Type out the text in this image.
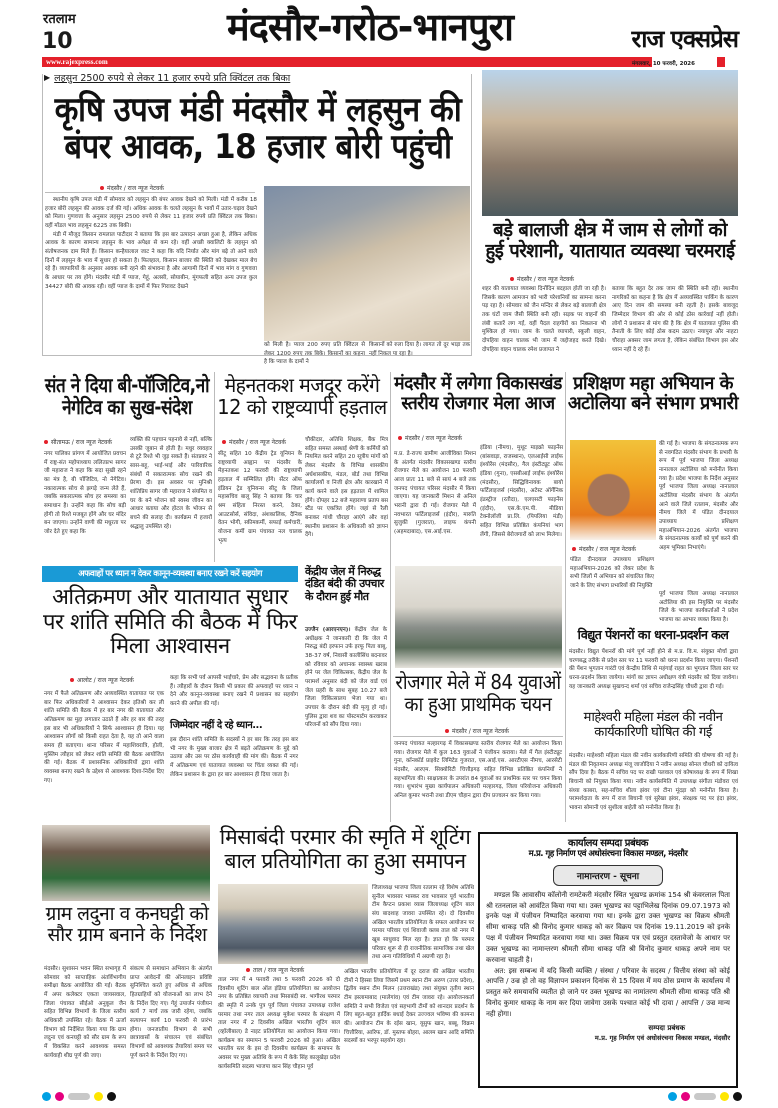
रतलाम
10	मंदसौर-गरोठ-भानपुरा	राज एक्सप्रेस
www.rajexpress.com	मंगलवार, 10 फरवरी, 2026
▶ लहसुन 2500 रुपये से लेकर 11 हजार रुपये प्रति क्विंटल तक बिका
कृषि उपज मंडी मंदसौर में लहसुन की बंपर आवक, 18 हजार बोरी पहुंची
मंदसौर / राज न्यूज नेटवर्क

स्थानीय कृषि उपज मंडी में सोमवार को लहसुन की बंपर आवक देखने को मिली। मंडी में करीब 18 हजार बोरी लहसुन की आवक दर्ज की गई। अधिक आवक के चलते लहसुन के भावों में उतार-चढ़ाव देखने को मिला। गुणवत्ता के अनुसार लहसुन 2500 रुपये से लेकर 11 हजार रुपये प्रति क्विंटल तक बिका। वहीं मॉडल भाव लहसुन 6225 तक बिकी।

मंडी में मौजूद किसान रामलाल पाटीदार ने बताया कि इस बार उत्पादन अच्छा हुआ है, लेकिन अधिक आवक के कारण सामान्य लहसुन के भाव अपेक्षा से कम रहे। वहीं अच्छी क्वालिटी के लहसुन को संतोषजनक दाम मिले हैं। किसान कन्हैयालाल जाट ने कहा कि यदि निर्यात और मांग बढ़े तो आने वाले दिनों में लहसुन के भाव में सुधार हो सकता है। फिलहाल, किसान बाजार की स्थिति को देखकर माल बेच रहे हैं। व्यापारियों के अनुसार आवक बनी रहने की संभावना है और आगामी दिनों में भाव मांग व गुणवत्ता के आधार पर तय होंगे। मंदसौर मंडी में प्याज, गेहूं, अलसी, सोयाबीन, मूंगफली सहित अन्य उपज कुल 34427 बोरी की आवक रही। वहीं प्याज के दामों में फिर गिरावट देखने

को मिली है। प्याज 200 रुपए प्रति क्विंटल से लेकर 1200 रुपए तक बिके। किसानों का कहना है कि प्याज के दामों ने
किसानों को रुला दिया है। लागत तो दूर भाड़ा तक नहीं निकल पा रहा है।
बड़े बालाजी क्षेत्र में जाम से लोगों को हुई परेशानी, यातायात व्यवस्था चरमराई
मंदसौर / राज न्यूज नेटवर्क
शहर की यातायात व्यवस्था दिनोंदिन बदहाल होती जा रही है। जिसके कारण आमजन को भारी परेशानियों का सामना करना पड़ रहा है। सोमवार को जैन मन्दिर से लेकर बड़े बालाजी क्षेत्र तक घंटों जाम जैसी स्थिति बनी रही। सड़क पर वाहनों की लंबी कतारें लग गईं, वहीं पैदल राहगीरों का निकलना भी मुश्किल हो गया। जाम के चलते व्यापारी, स्कूली वाहन, दोपहिया वाहन चालक भी जाम में जद्दोजहद करते दिखे। दोपहिया वाहन चालक रमेश प्रजापत ने
बताया कि बहुत देर तक जाम की स्थिति बनी रही। स्थानीय नागरिकों का कहना है कि क्षेत्र में अव्यवस्थित पार्किंग के कारण आए दिन जाम की समस्या बनी रहती है। इसके बावजूद जिम्मेदार विभाग की ओर से कोई ठोस कार्रवाई नहीं होती। लोगों ने प्रशासन से मांग की है कि क्षेत्र में यातायात पुलिस की तैनाती के लिए कोई ठोस कदम उठाए। नयापुरा और नाहटा चौराहा अक्सर जाम लगता है, लेकिन संबंधित विभाग इस ओर ध्यान नहीं दे रहे हैं।
संत ने दिया बी-पॉजिटिव,नो नेगेटिव का सुख-संदेश
सीतामऊ / राज न्यूज नेटवर्क
नगर पालिका प्रांगण में आयोजित प्रवचन में राष्ट्र-संत महोपाध्याय ललितप्रभ सागर जी महाराज ने कहा कि सदा सुखी रहने का मंत्र है, बी पॉजिटिव, नो नेगेटिव। नकारात्मक सोच से झगड़े जन्म लेते हैं, जबकि सकारात्मक सोच हर समस्या का समाधान है। उन्होंने कहा कि सोच बड़ी होगी तो रिश्ते मजबूत होंगे और घर मंदिर बन जाएगा। उन्होंने वाणी की मधुरता पर जोर देते हुए कहा कि
व्यक्ति की पहचान पहनावे से नहीं, बल्कि उसकी जुबान से होती है। मधुर व्यवहार से टूटे रिश्ते भी जुड़ सकते हैं। संतप्रवर ने सास-बहू, भाई-भाई और पारिवारिक संबंधों में सकारात्मक सोच रखने की प्रेरणा दी। इस अवसर पर मुनिश्री शांतिप्रिय सागर जी महाराज ने संयमित व घर के बने भोजन को स्वस्थ जीवन का आधार बताया और होटल के भोजन से बचने की सलाह दी। कार्यक्रम में हजारों श्रद्धालु उपस्थित रहे।
मेहनतकश मजदूर करेंगे 12 को राष्ट्रव्यापी हड़ताल
मंदसौर / राज न्यूज नेटवर्क
सीटू सहित 10 केंद्रीय ट्रेड यूनियन के राष्ट्रव्यापी आह्वान पर मंदसौर के मेहनतकश 12 फरवरी की राष्ट्रव्यापी हड़ताल में सम्मिलित होंगे। सेंटर ऑफ इंडियन ट्रेड यूनियन्स सीटू के जिला महासचिव बालू सिंह ने बताया कि चार श्रम संहिता निरस्त करने, ठेका, आउटसोर्स, संविदा, अंशकालिक, दैनिक वेतन भोगी, स्कीमकर्मी, सफाई कर्मचारी, योजना कर्मी ग्राम पंचायत नल चालक भृत्य
चौकीदार, अतिथि शिक्षक, बैंक मित्र सहित समस्त अस्थाई श्रेणी के कर्मियों को नियमित करने सहित 20 सूत्रीय मांगों को लेकर मंदसौर के विभिन्न शासकीय अर्धशासकीय, मंडल, बोर्ड तथा विभिन्न कार्यालयों व निजी क्षेत्र और कारखाने में कार्य करने वाले इस हड़ताल में शामिल होंगे। दोपहर 12 बजे महाराणा प्रताप बस स्टैंड पर एकत्रित होंगे। जहां से रैली बनाकर गांधी चौराहा आएंगे और वहां स्थानीय प्रशासन के अधिकारी को ज्ञापन देंगे।
मंदसौर में लगेगा विकासखंड स्तरीय रोजगार मेला आज
मंदसौर / राज न्यूज नेटवर्क
म.प्र. डे-राज्य ग्रामीण आजीविका मिशन के अंतर्गत मंदसौर विकासखण्ड स्तरीय रोजगार मेले का आयोजन 10 फरवरी आज प्रातः 11 बजे से सायं 4 बजे तक जनपद पंचायत परिसर मंदसौर में किया जाएगा। यह जानकारी मिशन से अनिल भरानी द्वारा दी गई। रोजगार मेले में नवभारत फर्टिलाइजर्स (इंदौर), मारुति सुजुकी (गुजरात), लाइफ कंपनी (अहमदाबाद), एस.आई.एस.
इंडिया (नीमच), मुथूट माइक्रो फाइनेंस (बांसवाड़ा, राजस्थान), एलआईसी लाईफ इंश्योरेंस (मंदसौर), गैल इंस्टीट्यूट ऑफ इंडिया (गुना), एसबीआई लाईफ इंश्योरेंस (मंदसौर), सिद्धिविनायक बायो फर्टिलाइजर्स (मंदसौर), अटेस्ट ऑर्गेनिक इंडस्ट्रीज (रतौदा), एलएसटी फाइनेंस (इंदौर), एस.के.एम.पी. मीडिया टेक्नोलॉजी प्रा.लि. (पिपलिया मंडी) सहित विभिन्न प्रतिष्ठित कंपनियां भाग लेंगी, जिससे बेरोजगारों को लाभ मिलेगा।
प्रशिक्षण महा अभियान के अटोलिया बने संभाग प्रभारी
मंदसौर / राज न्यूज नेटवर्क
की गई है। भाजपा के संगठनात्मक रूप से नवगठित मंदसौर संभाग के प्रभारी के रूप में पूर्व भाजपा जिला अध्यक्ष नानालाल अटोलिया को मनोनीत किया गया है। प्रदेश भाजपा के निर्देश अनुसार पूर्व भाजपा जिला अध्यक्ष नानालाल अटोलिया मंदसौर संभाग के अंतर्गत आने वाले जिले रतलाम, मंदसौर और नीमच जिले में पंडित दीनदयाल उपाध्याय प्रशिक्षण महाअभियान-2026 अंतर्गत भाजपा के संगठनात्मक कार्यों को पूर्ण करने की अहम भूमिका निभाएंगे।
पंडित दीनदयाल उपाध्याय प्रशिक्षण महाअभियान-2026 को लेकर प्रदेश के सभी जिलों में अभियान को संचालित किए जाने के लिए संभाग प्रभारियों की नियुक्ति
पूर्व भाजपा जिला अध्यक्ष नानालाल अटोलिया की इस नियुक्ति पर मंदसौर जिले के भाजपा कार्यकर्ताओं ने प्रदेश भाजपा का आभार व्यक्त किया है।
अफवाहों पर ध्यान न देकर कानून-व्यवस्था बनाए रखने करें सहयोग
अतिक्रमण और यातायात सुधार पर शांति समिति की बैठक में फिर मिला आश्वासन
आलोट / राज न्यूज नेटवर्क
नगर में फैले अतिक्रमण और अव्यवस्थित यातायात पर एक बार फिर अधिकारियों ने आश्वासन देकर इतिश्री कर ली शांति समिति की बैठक में हर बार नगर की यातायात और अतिक्रमण का मुद्दा लगातार उठाते हैं और हर बार की तरह इस बार भी अधिकारियों ने सिर्फ आश्वासन ही दिया। यह आश्वासन लोगों को किसी राहत देता है, यह तो आने वाला समय ही बताएगा। थाना परिसर में महाशिवरात्रि, होली, मुस्लिम त्यौहार को लेकर शांति समिति की बैठक आयोजित की गई। बैठक में प्रशासनिक अधिकारियों द्वारा शांति व्यवस्था बनाए रखने के उद्देश्य से आवश्यक दिशा-निर्देश दिए गए।
कहा कि सभी पर्व आपसी भाईचारे, प्रेम और सद्भावना के प्रतीक हैं। त्यौहारों के दौरान किसी भी प्रकार की अफवाहों पर ध्यान न देने और कानून-व्यवस्था बनाए रखने में प्रशासन का सहयोग करने की अपील की गई।
जिम्मेदार नहीं दे रहे ध्यान...
इस दौरान शांति समिति के सदस्यों ने हर बार कि तरह इस बार भी नगर के मुख्य बाजार क्षेत्र में बढ़ते अतिक्रमण के मुद्दे को उठाया और उस पर ठोस कार्यवाही की मांग की। बैठक में नगर में अतिक्रमण एवं यातायात व्यवस्था पर चिंता व्यक्त की गई। लेकिन प्रशासन के द्वारा हर बार आश्वासन ही दिया जाता है।
केंद्रीय जेल में निरुद्ध दंडित बंदी की उपचार के दौरान हुई मौत
उज्जैन (आरएनएन)। केंद्रीय जेल के अधीक्षक ने जानकारी दी कि जेल में निरुद्ध बंदी इरफान उर्फ इरफू पिता बाबू, 38-37 वर्ष, निवासी कालीसिंध बदनावर को रविवार को अचानक स्वास्थ्य खराब होने पर जेल चिकित्सक, केंद्रीय जेल के परामर्श अनुसार बंदी को जेल वार्ड एवं जेल प्रहरी के साथ सुबह 10.27 बजे जिला चिकित्सालय भेजा गया था। उपचार के दौरान बंदी की मृत्यु हो गई। पुलिस द्वारा शव का पोस्टमार्टम करवाकर परिजनों को सौंप दिया गया।
रोजगार मेले में 84 युवाओं का हुआ प्राथमिक चयन
मंदसौर / राज न्यूज नेटवर्क
जनपद पंचायत मल्हारगढ़ में विकासखण्ड स्तरीय रोजगार मेले का आयोजन किया गया। रोजगार मेले में कुल 163 युवाओं ने पंजीयन कराया। मेले में गैल इंस्टीट्यूट गुना, कॉनकॉर्ड प्राइवेट लिमिटेड गुजरात, एस.आई.एस. आरटीएस नीमच, आरसेटी मंदसौर, आरएम. सिक्योरिटी चित्तौड़गढ़ सहित विभिन्न प्रतिष्ठित कंपनियों ने सहभागिता की। साक्षात्कार के उपरांत 84 युवाओं का प्राथमिक स्तर पर चयन किया गया। शुभारंभ मुख्य कार्यपालन अधिकारी मल्हारगढ़, जिला परियोजना अधिकारी अनिल कुमार भरानी तथा डीएम चौहान द्वारा दीप प्रज्वलन कर किया गया।
विद्युत पेंशनरों का धरना-प्रदर्शन कल
मंदसौर। विद्युत पेंशनरों की मांगे पूर्ण नहीं होने से म.प्र. वि.म. संयुक्त मोर्चा द्वारा चरणबद्ध तरीके से प्रदेश स्तर पर 11 फरवरी को धरना प्रदर्शन किया जाएगा। पेंशनरों की पेंशन भुगतान गारंटी एवं केन्द्रीय तिथि से महंगाई राहत का भुगतान जिला स्तर पर धरना-प्रदर्शन किया जायेगा। मांगों का ज्ञापन अधीक्षण यंत्री मंदसौर को दिया जावेगा। यह जानकारी अध्यक्ष सुखचन्द शर्मा एवं सचिव राजेन्द्रसिंह चौधरी द्वारा दी गई।
माहेश्वरी महिला मंडल की नवीन कार्यकारिणी घोषित की गई
मंदसौर। माहेश्वरी महिला मंडल की नवीन कार्यकारिणी समिति की घोषणा की गई है। मंडल की निवृतमान अध्यक्ष मंजू जाजोदिया ने नवीन अध्यक्ष सोनल चौधरी को दायित्व सौंप दिया है। बैठक में सचिव पद पर राखी पलवाल एवं कोषाध्यक्ष के रूप में शिखा बिचानी को नियुक्त किया गया। नवीन कार्यसमिति में उपाध्यक्ष संगीता मंडोवरा एवं संध्या काबरा, सह-सचिव शीला झंवर एवं टीना मूंदड़ा को मनोनीत किया है। परामर्शदाता के रूप में राज बिचानी एवं सुरेखा झंवर, संरक्षक पद पर इंदा झंवर, भावना सोमानी एवं सुशीला बाहेती को मनोनीत किया है।
ग्राम लदुना व कनघट्टी को सौर ग्राम बनाने के निर्देश
मंदसौर। सुशासन भवन स्थित सभागृह में सोमवार को साप्ताहिक अंतर्विभागीय समीक्षा बैठक आयोजित की गई। बैठक में अपर कलेक्टर एकता जायसवाल, जिला पंचायत सीईओ अनुकूल जैन सहित विभिन्न विभागों के जिला स्तरीय अधिकारी उपस्थित रहे। बैठक में ऊर्जा विभाग को निर्देशित किया गया कि ग्राम लदुना एवं कनघट्टी को सौर ग्राम के रूप में विकसित करने आवश्यक समस्त कार्यवाही शीघ्र पूर्ण की जाए।
संकल्प से समाधान अभियान के अंतर्गत प्राप्त आवेदनों की ऑनलाइन प्रविष्टि सुनिश्चित करते हुए अधिक से अधिक हितग्राहियों को योजनाओं का लाभ देने के निर्देश दिए गए। गेहूं उपार्जन पंजीयन कार्य 7 मार्च तक जारी रहेगा, जबकि सत्यापन कार्य 10 फरवरी से प्रारंभ होगा। जनजातीय विभाग से सभी छात्रावासों के संचालन एवं संबंधित विभागों को आवश्यक तैयारियां समय पर पूर्ण करने के निर्देश दिए गए।
मिसाबंदी परमार की स्मृति में शूटिंग बाल प्रतियोगिता का हुआ समापन
जिलाध्यक्ष भाजपा जिला रतलाम रहे विशेष अतिथि सुनील भावसार भास्कर राव भावसार पूर्व भारतीय टीम कैप्टन प्रकाश व्यास जिलाध्यक्ष शूटिंग बाल संघ बादशाह जावरा उपस्थित रहे। दो दिवसीय अखिल भारतीय प्रतियोगिता के सफल आयोजन पर परमार परिवार एवं शिवाजी क्लब ताल को नगर में खूब साधुवाद मिल रहा है। ज्ञात हो कि परमार परिवार शुरू से ही राजनीतिक सामाजिक तथा खेल तथा अन्य गतिविधियों में अग्रणी रहा है।
ताल / राज न्यूज नेटवर्क
ताल नगर में 4 फरवरी तथा 5 फरवरी 2026 को दो दिवसीय शूटिंग बाल ऑल इंडिया प्रतियोगिता का आयोजन नगर के प्रतिष्ठित व्यापारी तथा मिसाबंदी स्व. भागीरथ परमार की स्मृति में उनके पुत्र पूर्व जिला पंचायत उपाध्यक्ष राजेश परमार तथा नगर ताल अध्यक्ष मुकेश परमार के संरक्षण में ताल नगर में 2 दिवसीय अखिल भारतीय शूटिंग बाल (व्हॉलीबाल) डे नाइट प्रतियोगिता का आयोजन किया गया। कार्यक्रम का समापन 5 फरवरी 2026 को हुआ। अखिल भारतीय स्तर के इस दो दिवसीय कार्यक्रम के समापन के अवसर पर मुख्य अतिथि के रूप में केके सिंह कालूखेड़ा प्रदेश कार्यसमिति सदस्य भाजपा कान सिंह चौहान पूर्व
अखिल भारतीय प्रतियोगिता में दूर दराज की अखिल भारतीय टीमों ने हिस्सा लिया जिसमें प्रथम स्थान टीम अरुण (उत्तर प्रदेश), द्वितीय स्थान टीम मिलन (उत्तराखंड) तथा संयुक्त तृतीय स्थान टीम इस्लामाबाद (मालेगांव) एवं टीम जावरा रहे। आयोजनकर्ता समिति ने सभी विजेता एवं सहभागी टीमों को शानदार प्रदर्शन के लिए बहुत-बहुत हार्दिक बधाई देकर उज्ज्वल भविष्य की कामना की। आयोजन टीम के रईस खान, यूसुफ खान, बब्बू, विक्रम चित्तौरिया, आरिफ, डॉ. मुस्तफ बोहरा, आलम खान आदि समिति सदस्यों का भरपूर सहयोग रहा।
कार्यालय सम्पदा प्रबंधक
म.प्र. गृह निर्माण एवं अधोसंरचना विकास मण्डल, मंदसौर
नामान्तरण - सूचना

मण्डल कि आवासीय कॉलोनी रामटेकरी मंदसौर स्थित भूखण्ड क्रमांक 154 श्री कंवरलाल पिता श्री रतनलाल को आवंटित किया गया था। उक्त भूखण्ड का पट्टाभिलेख दिनांक 09.07.1973 को इनके पक्ष में पंजीयन निष्पादित करवाया गया था। इनके द्वारा उक्त भूखण्ड का विक्रय श्रीमती सीमा धाकड़ पति श्री विनोद कुमार धाकड़ को कर विक्रय पत्र दिनांक 19.11.2019 को इनके पक्ष में पंजीयन निष्पादित करवाया गया था। उक्त विक्रय पत्र एवं प्रस्तुत दस्तावेजो के आधार पर उक्त भूखण्ड का नामान्तरण श्रीमती सीमा धाकड़ पति श्री विनोद कुमार धाकड़ अपने नाम पर करवाना चाहती है।

अत: इस सम्बन्ध में यदि किसी व्यक्ति / संस्था / परिवार के सदस्य / वित्तीय संस्था को कोई आपत्ति / उज्र हो तो वह विज्ञापन प्रकाशन दिनांक से 15 दिवस में मय ठोस प्रमाण के कार्यालय में प्रस्तुत करे समयावधि व्यतीत हो जाने पर उक्त भूखण्ड का नामांतरण श्रीमती सीमा धाकड़ पति श्री विनोद कुमार धाकड़ के नाम कर दिया जावेगा उसके पश्चात कोई भी दावा / आपत्ति / उज्र मान्य नही होगा।

सम्पदा प्रबंधक
म.प्र. गृह निर्माण एवं अधोसंरचना विकास मण्डल, मंदसौर
